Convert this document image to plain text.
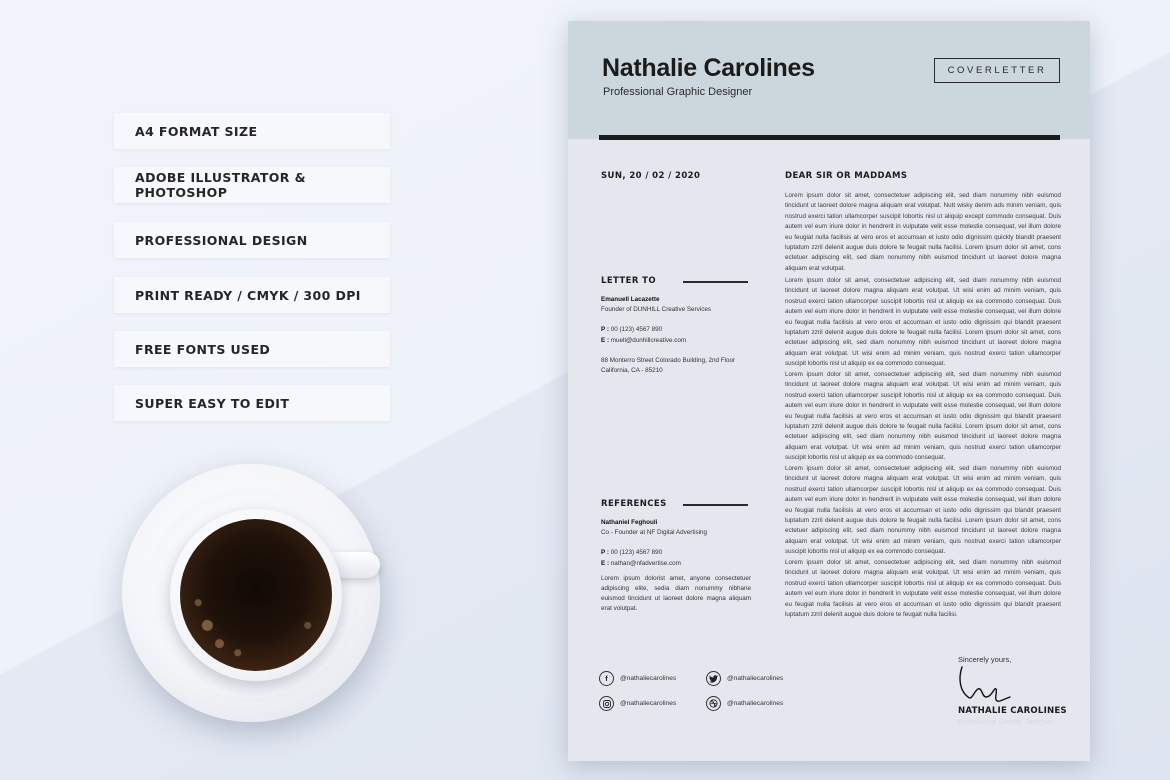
A4 FORMAT SIZE
ADOBE ILLUSTRATOR & PHOTOSHOP
PROFESSIONAL DESIGN
PRINT READY / CMYK / 300 DPI
FREE FONTS USED
SUPER EASY TO EDIT
Nathalie Carolines
Professional Graphic Designer
COVERLETTER
SUN, 20 / 02 / 2020
LETTER TO
Emanuell Lacazette
Founder of DUNHILL Creative Services
P : 00 (123) 4567 890
E : muell@dunhillcreative.com
88 Monterro Street Colorado Building, 2nd Floor
California, CA - 85210
REFERENCES
Nathaniel Feghouli
Co - Founder at NF Digital Advertising
P : 00 (123) 4567 890
E : nathan@nfadvertise.com
Lorem ipsum dolorist amet, anyone consectetuer adipiscing elite, sedia diam nonummy nibhane euismod tincidunt ut laoreet dolore magna aliquam erat volutpat.
DEAR SIR OR MADDAMS
Lorem ipsum dolor sit amet, consectetuer adipiscing elit, sed diam nonummy nibh euismod tincidunt ut laoreet dolore magna aliquam erat volutpat. Nutt wisky denim ads minim veniam, quis nostrud exerci tation ullamcorper suscipit lobortis nisl ut aliquip except commodo consequat. Duis autem vel eum iriure dolor in hendrerit in vulputate velit esse molestie consequat, vel illum dolore eu feugiat nulla facilisis at vero eros et accumsan et iusto odio dignissim quickly blandit praesent luptatum zzril delenit augue duis dolore te feugait nulla facilisi. Lorem ipsum dolor sit amet, cons ectetuer adipiscing elit, sed diam nonummy nibh euismod tincidunt ut laoreet dolore magna aliquam erat volutpat.
Lorem ipsum dolor sit amet, consectetuer adipiscing elit, sed diam nonummy nibh euismod tincidunt ut laoreet dolore magna aliquam erat volutpat. Ut wisi enim ad minim veniam, quis nostrud exerci tation ullamcorper suscipit lobortis nisl ut aliquip ex ea commodo consequat. Duis autem vel eum iriure dolor in hendrerit in vulputate velit esse molestie consequat, vel illum dolore eu feugiat nulla facilisis at vero eros et accumsan et iusto odio dignissim qui blandit praesent luptatum zzril delenit augue duis dolore te feugait nulla facilisi. Lorem ipsum dolor sit amet, cons ectetuer adipiscing elit, sed diam nonummy nibh euismod tincidunt ut laoreet dolore magna aliquam erat volutpat. Ut wisi enim ad minim veniam, quis nostrud exerci tation ullamcorper suscipit lobortis nisl ut aliquip ex ea commodo consequat.
Lorem ipsum dolor sit amet, consectetuer adipiscing elit, sed diam nonummy nibh euismod tincidunt ut laoreet dolore magna aliquam erat volutpat. Ut wisi enim ad minim veniam, quis nostrud exerci tation ullamcorper suscipit lobortis nisl ut aliquip ex ea commodo consequat. Duis autem vel eum iriure dolor in hendrerit in vulputate velit esse molestie consequat, vel illum dolore eu feugiat nulla facilisis at vero eros et accumsan et iusto odio dignissim qui blandit praesent luptatum zzril delenit augue duis dolore te feugait nulla facilisi. Lorem ipsum dolor sit amet, cons ectetuer adipiscing elit, sed diam nonummy nibh euismod tincidunt ut laoreet dolore magna aliquam erat volutpat. Ut wisi enim ad minim veniam, quis nostrud exerci tation ullamcorper suscipit lobortis nisl ut aliquip ex ea commodo consequat.
Lorem ipsum dolor sit amet, consectetuer adipiscing elit, sed diam nonummy nibh euismod tincidunt ut laoreet dolore magna aliquam erat volutpat. Ut wisi enim ad minim veniam, quis nostrud exerci tation ullamcorper suscipit lobortis nisl ut aliquip ex ea commodo consequat. Duis autem vel eum iriure dolor in hendrerit in vulputate velit esse molestie consequat, vel illum dolore eu feugiat nulla facilisis at vero eros et accumsan et iusto odio dignissim qui blandit praesent luptatum zzril delenit augue duis dolore te feugait nulla facilisi. Lorem ipsum dolor sit amet, cons ectetuer adipiscing elit, sed diam nonummy nibh euismod tincidunt ut laoreet dolore magna aliquam erat volutpat. Ut wisi enim ad minim veniam, quis nostrud exerci tation ullamcorper suscipit lobortis nisl ut aliquip ex ea commodo consequat.
Lorem ipsum dolor sit amet, consectetuer adipiscing elit, sed diam nonummy nibh euismod tincidunt ut laoreet dolore magna aliquam erat volutpat. Ut wisi enim ad minim veniam, quis nostrud exerci tation ullamcorper suscipit lobortis nisl ut aliquip ex ea commodo consequat. Duis autem vel eum iriure dolor in hendrerit in vulputate velit esse molestie consequat, vel illum dolore eu feugiat nulla facilisis at vero eros et accumsan et iusto odio dignissim qui blandit praesent luptatum zzril delenit augue duis dolore te feugait nulla facilisi.
f	@nathaliecarolines	@nathaliecarolines
@nathaliecarolines	@nathaliecarolines
Sincerely yours,
NATHALIE CAROLINES
Professional Graphic Designer
